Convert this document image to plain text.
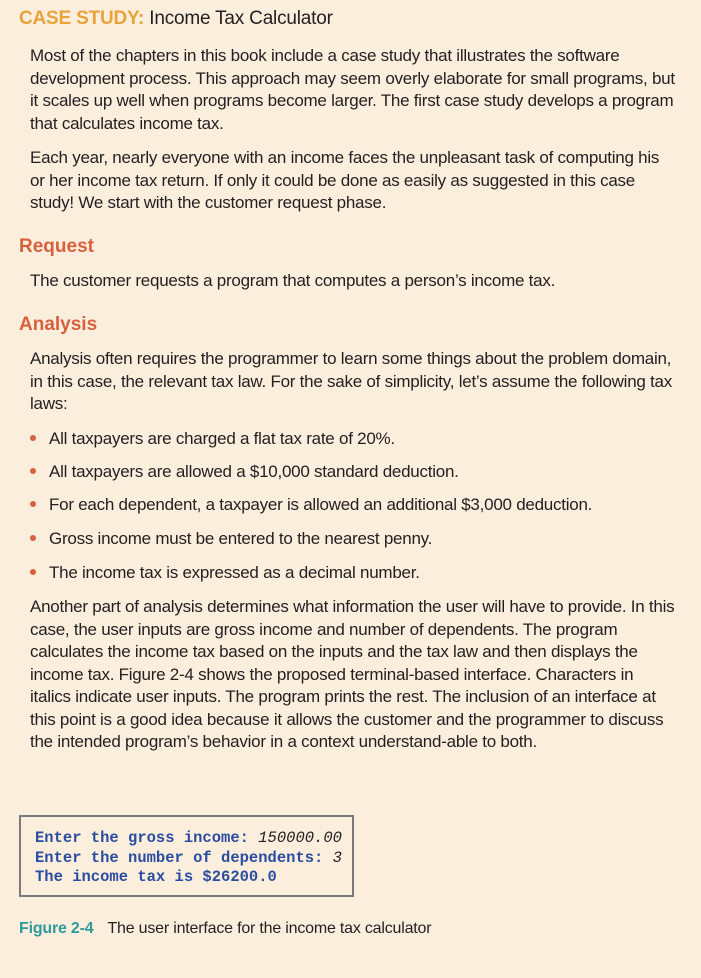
CASE STUDY: Income Tax Calculator

Most of the chapters in this book include a case study that illustrates the software development process. This approach may seem overly elaborate for small programs, but it scales up well when programs become larger. The first case study develops a program that calculates income tax.

Each year, nearly everyone with an income faces the unpleasant task of computing his or her income tax return. If only it could be done as easily as suggested in this case study! We start with the customer request phase.

Request

The customer requests a program that computes a person’s income tax.

Analysis

Analysis often requires the programmer to learn some things about the problem domain, in this case, the relevant tax law. For the sake of simplicity, let’s assume the following tax laws:

All taxpayers are charged a flat tax rate of 20%.
All taxpayers are allowed a $10,000 standard deduction.
For each dependent, a taxpayer is allowed an additional $3,000 deduction.
Gross income must be entered to the nearest penny.
The income tax is expressed as a decimal number.

Another part of analysis determines what information the user will have to provide. In this case, the user inputs are gross income and number of dependents. The program calculates the income tax based on the inputs and the tax law and then displays the income tax. Figure 2-4 shows the proposed terminal-based interface. Characters in italics indicate user inputs. The program prints the rest. The inclusion of an interface at this point is a good idea because it allows the customer and the programmer to discuss the intended program’s behavior in a context understand-able to both.

Enter the gross income: 150000.00
Enter the number of dependents: 3
The income tax is $26200.0
Figure 2-4 The user interface for the income tax calculator
